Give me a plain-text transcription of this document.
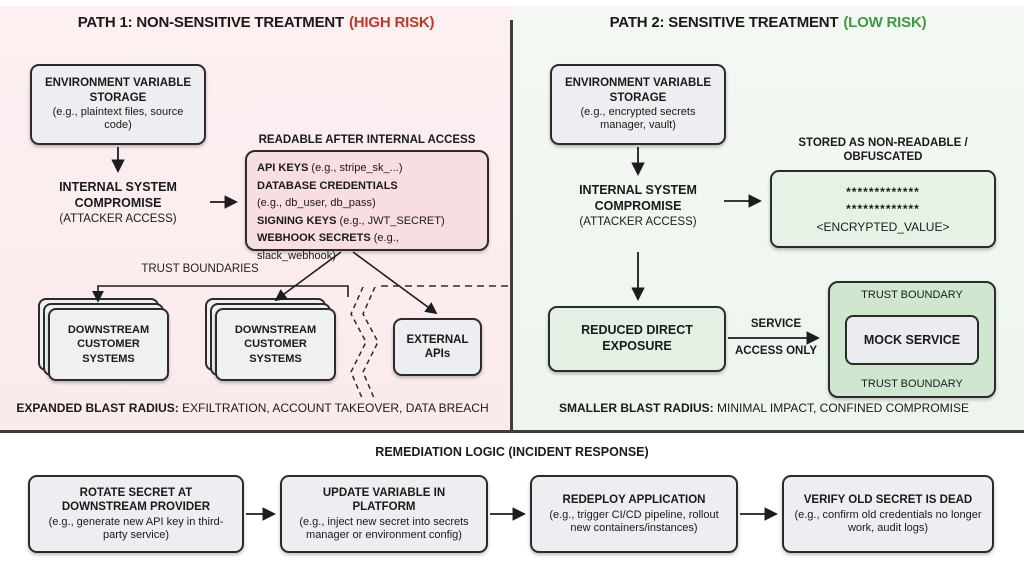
PATH 1: NON-SENSITIVE TREATMENT (HIGH RISK)
ENVIRONMENT VARIABLE STORAGE
(e.g., plaintext files, source code)
INTERNAL SYSTEM COMPROMISE
(ATTACKER ACCESS)
READABLE AFTER INTERNAL ACCESS
API KEYS (e.g., stripe_sk_...)
DATABASE CREDENTIALS
(e.g., db_user, db_pass)
SIGNING KEYS (e.g., JWT_SECRET)
WEBHOOK SECRETS (e.g., slack_webhook)
TRUST BOUNDARIES
DOWNSTREAM CUSTOMER SYSTEMS
DOWNSTREAM CUSTOMER SYSTEMS
EXTERNAL APIs
EXPANDED BLAST RADIUS: EXFILTRATION, ACCOUNT TAKEOVER, DATA BREACH
PATH 2: SENSITIVE TREATMENT (LOW RISK)
ENVIRONMENT VARIABLE STORAGE
(e.g., encrypted secrets manager, vault)
INTERNAL SYSTEM COMPROMISE
(ATTACKER ACCESS)
STORED AS NON-READABLE / OBFUSCATED
*************
*************
<ENCRYPTED_VALUE>
REDUCED DIRECT EXPOSURE
SERVICE
ACCESS ONLY
TRUST BOUNDARY
MOCK SERVICE
TRUST BOUNDARY
SMALLER BLAST RADIUS: MINIMAL IMPACT, CONFINED COMPROMISE
REMEDIATION LOGIC (INCIDENT RESPONSE)
ROTATE SECRET AT DOWNSTREAM PROVIDER
(e.g., generate new API key in third-party service)
UPDATE VARIABLE IN PLATFORM
(e.g., inject new secret into secrets manager or environment config)
REDEPLOY APPLICATION
(e.g., trigger CI/CD pipeline, rollout new containers/instances)
VERIFY OLD SECRET IS DEAD
(e.g., confirm old credentials no longer work, audit logs)
